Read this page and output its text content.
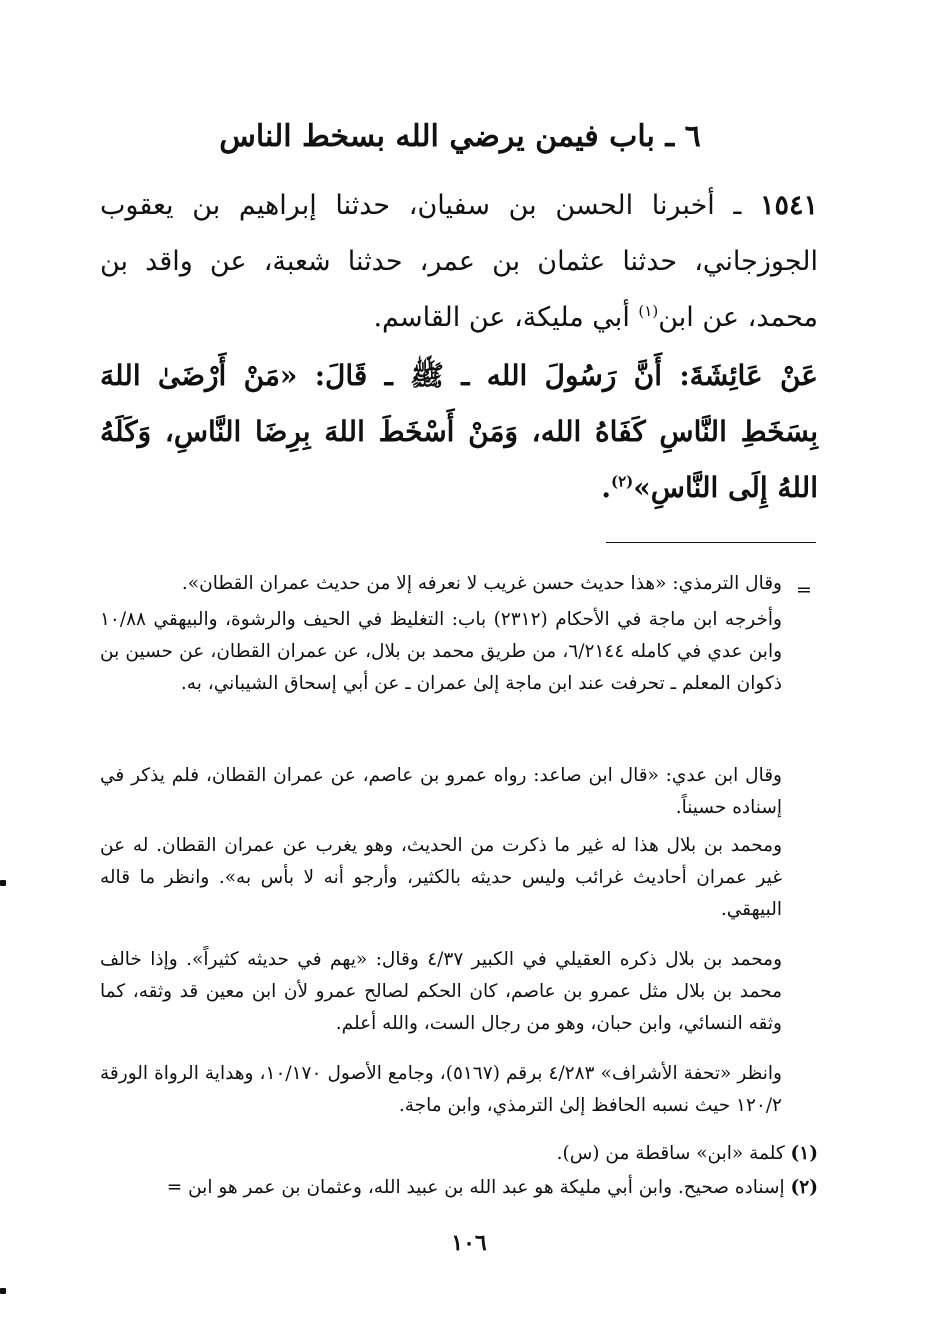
٦ ـ باب فيمن يرضي الله بسخط الناس
١٥٤١ ـ أخبرنا الحسن بن سفيان، حدثنا إبراهيم بن يعقوب الجوزجاني، حدثنا عثمان بن عمر، حدثنا شعبة، عن واقد بن محمد، عن ابن$^{(١)}$ أبي مليكة، عن القاسم.
عَنْ عَائِشَةَ: أَنَّ رَسُولَ الله ـ ﷺ ـ قَالَ: «مَنْ أَرْضَىٰ اللهَ بِسَخَطِ النَّاسِ كَفَاهُ الله، وَمَنْ أَسْخَطَ اللهَ بِرِضَا النَّاسِ، وَكَلَهُ اللهُ إِلَى النَّاسِ»$^{(٢)}$.
=
وقال الترمذي: «هذا حديث حسن غريب لا نعرفه إلا من حديث عمران القطان».
وأخرجه ابن ماجة في الأحكام (٢٣١٢) باب: التغليظ في الحيف والرشوة، والبيهقي ١٠/٨٨ وابن عدي في كامله ٦/٢١٤٤، من طريق محمد بن بلال، عن عمران القطان، عن حسين بن ذكوان المعلم ـ تحرفت عند ابن ماجة إلىٰ عمران ـ عن أبي إسحاق الشيباني، به.
وقال ابن عدي: «قال ابن صاعد: رواه عمرو بن عاصم، عن عمران القطان، فلم يذكر في إسناده حسيناً.
ومحمد بن بلال هذا له غير ما ذكرت من الحديث، وهو يغرب عن عمران القطان. له عن غير عمران أحاديث غرائب وليس حديثه بالكثير، وأرجو أنه لا بأس به». وانظر ما قاله البيهقي.
ومحمد بن بلال ذكره العقيلي في الكبير ٤/٣٧ وقال: «يهم في حديثه كثيراً». وإذا خالف محمد بن بلال مثل عمرو بن عاصم، كان الحكم لصالح عمرو لأن ابن معين قد وثقه، كما وثقه النسائي، وابن حبان، وهو من رجال الست، والله أعلم.
وانظر «تحفة الأشراف» ٤/٢٨٣ برقم (٥١٦٧)، وجامع الأصول ١٠/١٧٠، وهداية الرواة الورقة ١٢٠/٢ حيث نسبه الحافظ إلىٰ الترمذي، وابن ماجة.
(١) كلمة «ابن» ساقطة من (س).
(٢) إسناده صحيح. وابن أبي مليكة هو عبد الله بن عبيد الله، وعثمان بن عمر هو ابن =
١٠٦
